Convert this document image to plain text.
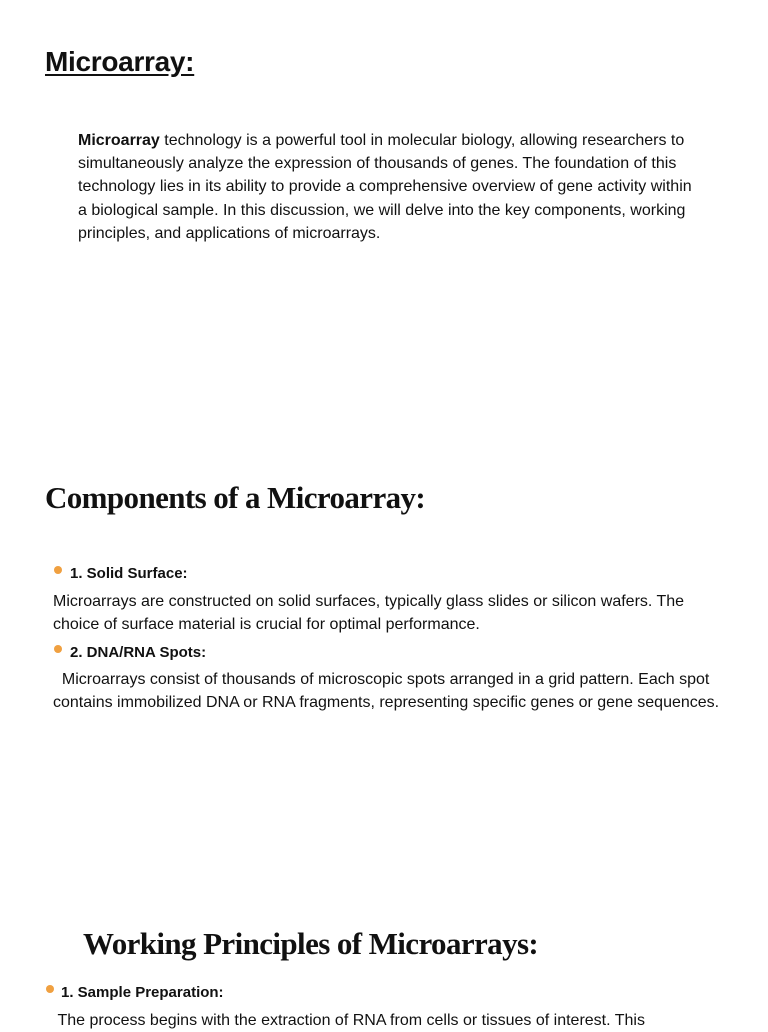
Microarray:

Microarray technology is a powerful tool in molecular biology, allowing researchers to simultaneously analyze the expression of thousands of genes. The foundation of this technology lies in its ability to provide a comprehensive overview of gene activity within a biological sample. In this discussion, we will delve into the key components, working principles, and applications of microarrays.

Components of a Microarray:

1. Solid Surface:

Microarrays are constructed on solid surfaces, typically glass slides or silicon wafers. The choice of surface material is crucial for optimal performance.

2. DNA/RNA Spots:

Microarrays consist of thousands of microscopic spots arranged in a grid pattern. Each spot contains immobilized DNA or RNA fragments, representing specific genes or gene sequences.

Working Principles of Microarrays:

1. Sample Preparation:

The process begins with the extraction of RNA from cells or tissues of interest. This
